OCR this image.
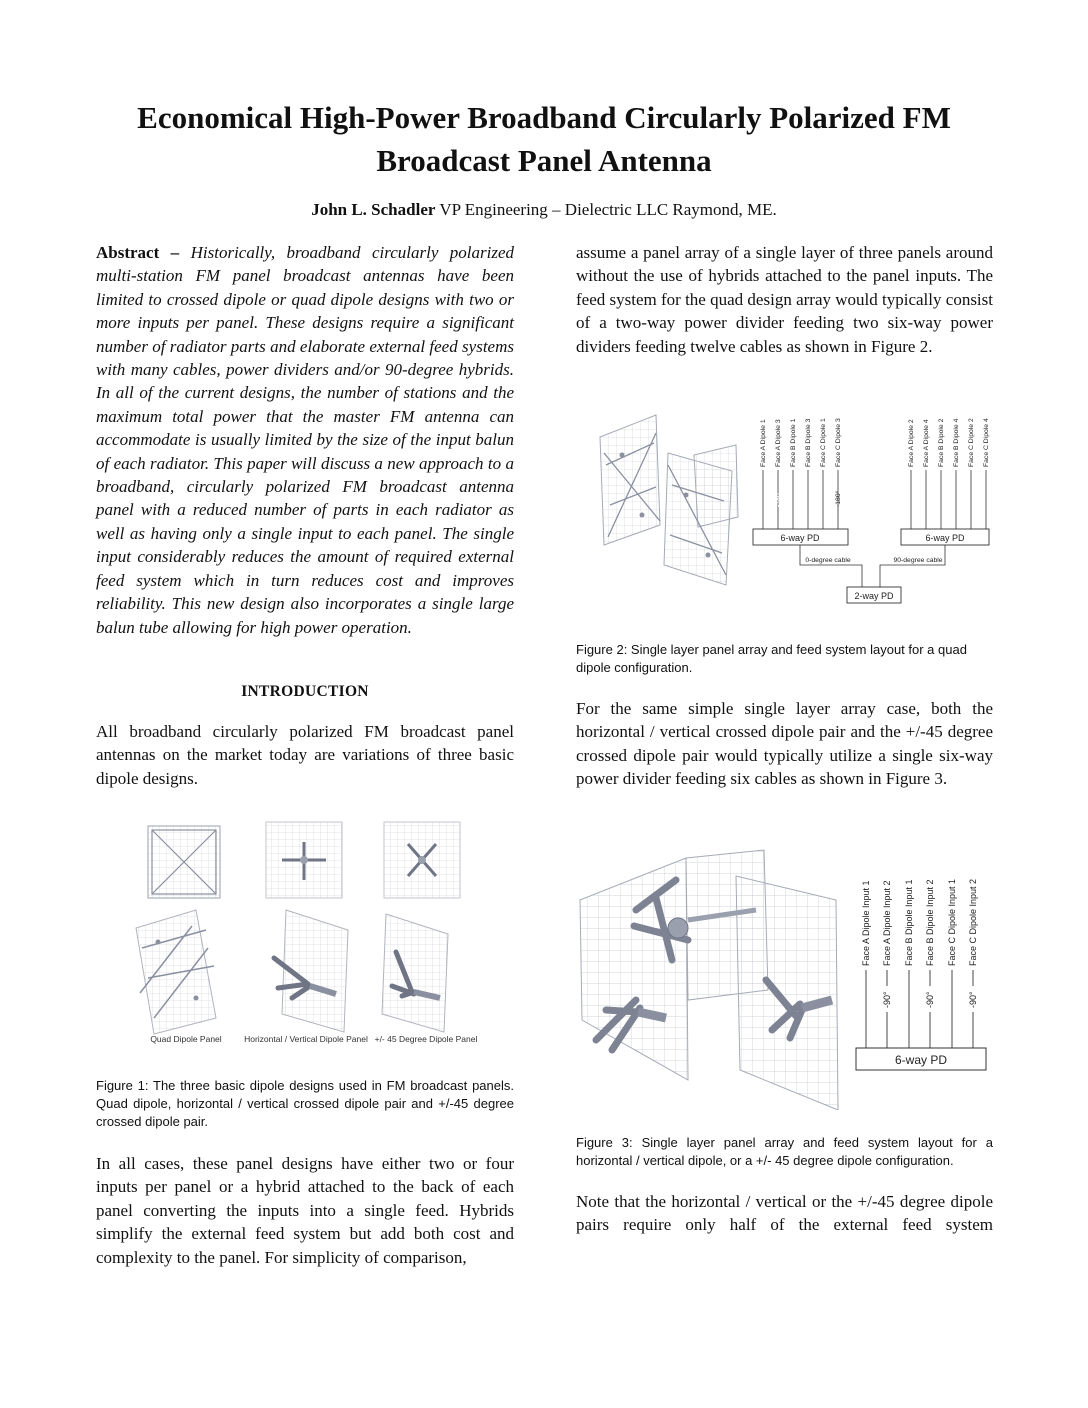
Economical High-Power Broadband Circularly Polarized FM Broadcast Panel Antenna
John L. Schadler VP Engineering – Dielectric LLC Raymond, ME.

Abstract – Historically, broadband circularly polarized multi-station FM panel broadcast antennas have been limited to crossed dipole or quad dipole designs with two or more inputs per panel. These designs require a significant number of radiator parts and elaborate external feed systems with many cables, power dividers and/or 90-degree hybrids. In all of the current designs, the number of stations and the maximum total power that the master FM antenna can accommodate is usually limited by the size of the input balun of each radiator. This paper will discuss a new approach to a broadband, circularly polarized FM broadcast antenna panel with a reduced number of parts in each radiator as well as having only a single input to each panel. The single input considerably reduces the amount of required external feed system which in turn reduces cost and improves reliability. This new design also incorporates a single large balun tube allowing for high power operation.

INTRODUCTION

All broadband circularly polarized FM broadcast panel antennas on the market today are variations of three basic dipole designs.

Quad Dipole Panel	Horizontal / Vertical Dipole Panel +/- 45 Degree Dipole Panel
Figure 1: The three basic dipole designs used in FM broadcast panels. Quad dipole, horizontal / vertical crossed dipole pair and +/-45 degree crossed dipole pair.

In all cases, these panel designs have either two or four inputs per panel or a hybrid attached to the back of each panel converting the inputs into a single feed. Hybrids simplify the external feed system but add both cost and complexity to the panel. For simplicity of comparison,

assume a panel array of a single layer of three panels around without the use of hybrids attached to the panel inputs. The feed system for the quad design array would typically consist of a two-way power divider feeding two six-way power dividers feeding twelve cables as shown in Figure 2.

Face A Dipole 1 Face A Dipole 3 Face B Dipole 1 Face B Dipole 3 Face C Dipole 1 Face C Dipole 3
-180°	-180°
6-way PD
Face A Dipole 2 Face A Dipole 4 Face B Dipole 2 Face B Dipole 4 Face C Dipole 2 Face C Dipole 4
6-way PD
0-degree cable	90-degree cable
2-way PD
Figure 2: Single layer panel array and feed system layout for a quad dipole configuration.

For the same simple single layer array case, both the horizontal / vertical crossed dipole pair and the +/-45 degree crossed dipole pair would typically utilize a single six-way power divider feeding six cables as shown in Figure 3.

Face A Dipole Input 1 Face A Dipole Input 2 Face B Dipole Input 1 Face B Dipole Input 2 Face C Dipole Input 1 Face C Dipole Input 2
-90°	-90°	-90°
6-way PD
Figure 3: Single layer panel array and feed system layout for a horizontal / vertical dipole, or a +/- 45 degree dipole configuration.

Note that the horizontal / vertical or the +/-45 degree dipole pairs require only half of the external feed system
